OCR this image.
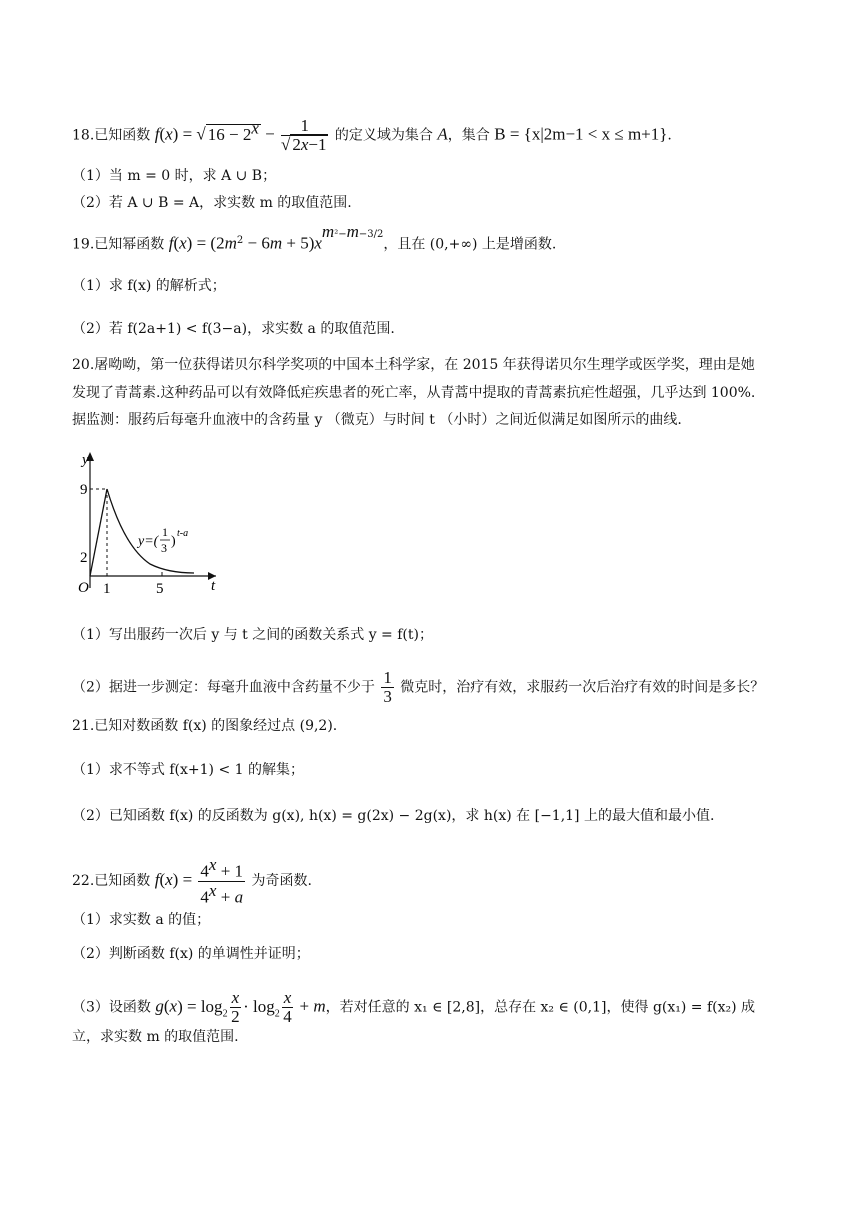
18.已知函数 f(x) = √ $16 - 2^x - \frac{1}{√ 2x-1}$ 的定义域为集合 A，集合 B = {x|2m−1 < x ≤ m+1}.
（1）当 m = 0 时，求 A ∪ B；
（2）若 A ∪ B = A，求实数 m 的取值范围.
19.已知幂函数 $f(x) = (2m^2 - 6m + 5)x^{m^2-m-3/2}$，且在 (0,+∞) 上是增函数.
（1）求 f(x) 的解析式；
（2）若 f(2a+1) < f(3−a)，求实数 a 的取值范围.
20.屠呦呦，第一位获得诺贝尔科学奖项的中国本土科学家，在 2015 年获得诺贝尔生理学或医学奖，理由是她
发现了青蒿素.这种药品可以有效降低疟疾患者的死亡率，从青蒿中提取的青蒿素抗疟性超强，几乎达到 100%.
据监测：服药后每毫升血液中的含药量 y （微克）与时间 t （小时）之间近似满足如图所示的曲线.
y
t
O
9
2
1	5
y=(
1
3 )
t-a
（1）写出服药一次后 y 与 t 之间的函数关系式 y = f(t)；
（2）据进一步测定：每毫升血液中含药量不少于 $\frac{1}{3}$ 微克时，治疗有效，求服药一次后治疗有效的时间是多长？
21.已知对数函数 f(x) 的图象经过点 (9,2).
（1）求不等式 f(x+1) < 1 的解集；
（2）已知函数 f(x) 的反函数为 g(x), h(x) = g(2x) − 2g(x)，求 h(x) 在 [−1,1] 上的最大值和最小值.
22.已知函数 $f(x) = \frac{4^x + 1}{4^x + a}$ 为奇函数.
（1）求实数 a 的值；
（2）判断函数 f(x) 的单调性并证明；
（3）设函数 $g(x) = \log_2 \frac{x}{2} \cdot \log_2 \frac{x}{4} + m$，若对任意的 x₁ ∈ [2,8]，总存在 x₂ ∈ (0,1]，使得 g(x₁) = f(x₂) 成
立，求实数 m 的取值范围.
